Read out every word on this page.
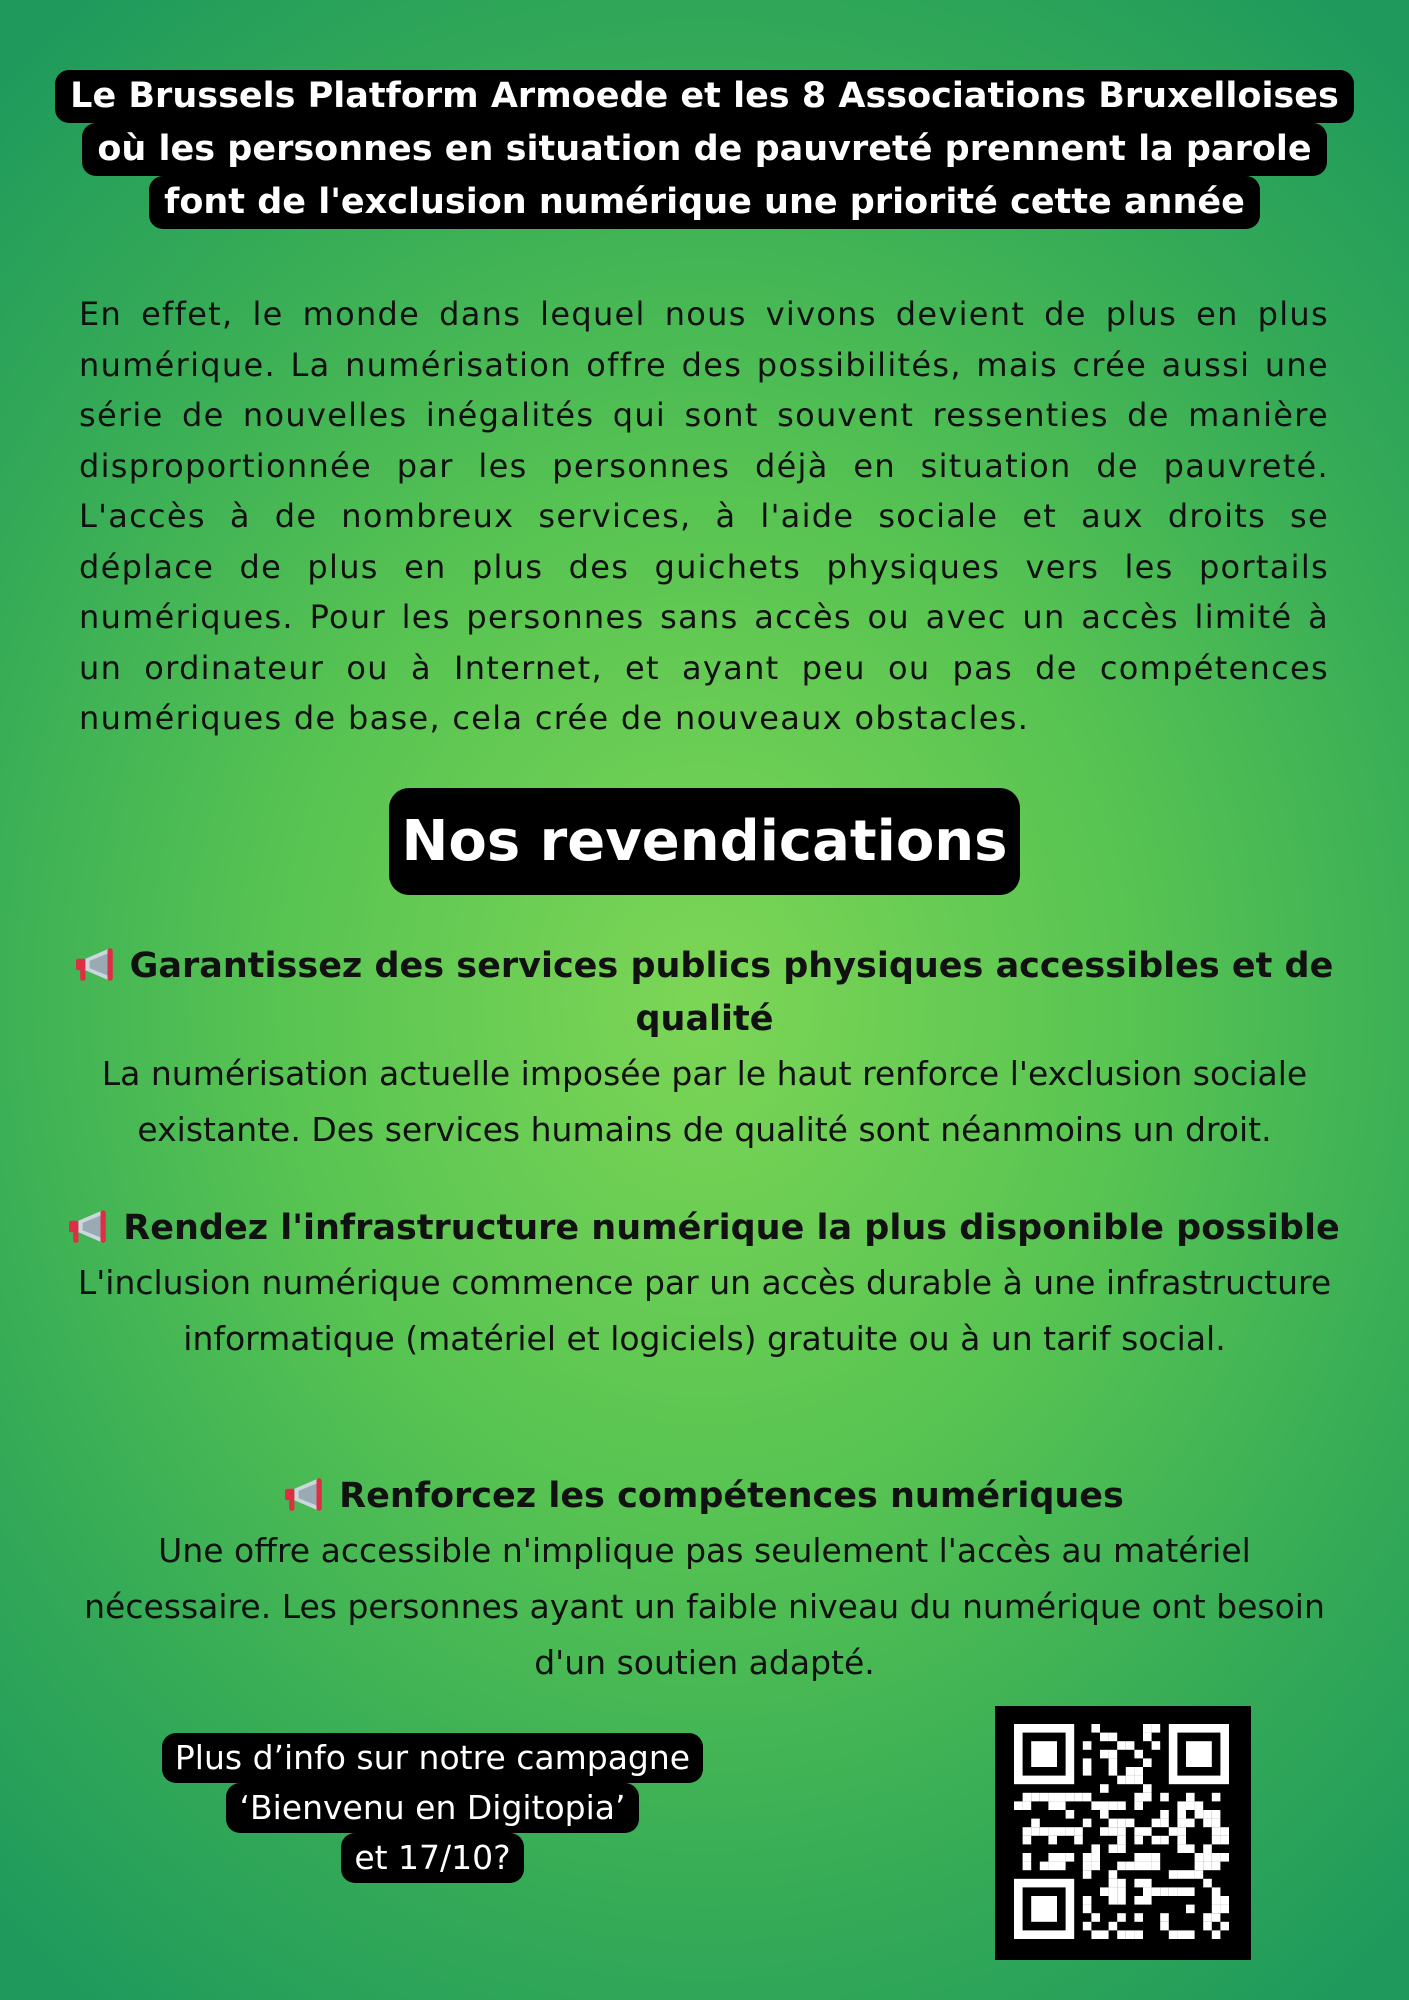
Le Brussels Platform Armoede et les 8 Associations Bruxelloises
où les personnes en situation de pauvreté prennent la parole
font de l'exclusion numérique une priorité cette année

En effet, le monde dans lequel nous vivons devient de plus en plus numérique. La numérisation offre des possibilités, mais crée aussi une série de nouvelles inégalités qui sont souvent ressenties de manière disproportionnée par les personnes déjà en situation de pauvreté. L'accès à de nombreux services, à l'aide sociale et aux droits se déplace de plus en plus des guichets physiques vers les portails numériques. Pour les personnes sans accès ou avec un accès limité à un ordinateur ou à Internet, et ayant peu ou pas de compétences numériques de base, cela crée de nouveaux obstacles.

Nos revendications

Garantissez des services publics physiques accessibles et de qualité

La numérisation actuelle imposée par le haut renforce l'exclusion sociale existante. Des services humains de qualité sont néanmoins un droit.

Rendez l'infrastructure numérique la plus disponible possible

L'inclusion numérique commence par un accès durable à une infrastructure informatique (matériel et logiciels) gratuite ou à un tarif social.

Renforcez les compétences numériques

Une offre accessible n'implique pas seulement l'accès au matériel nécessaire. Les personnes ayant un faible niveau du numérique ont besoin d'un soutien adapté.

Plus d’info sur notre campagne
‘Bienvenu en Digitopia’
et 17/10?
